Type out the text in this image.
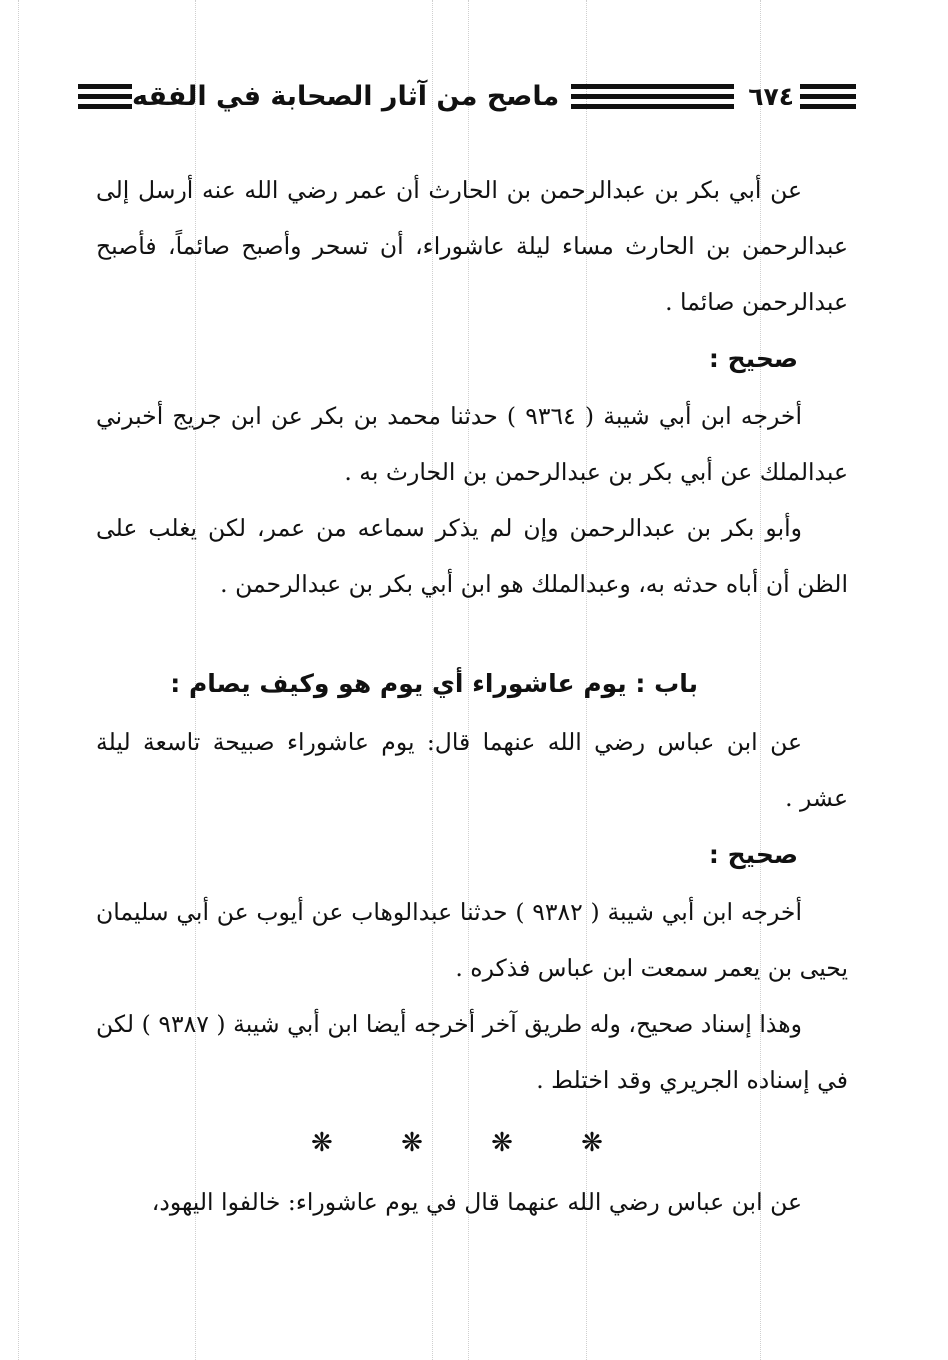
ماصح من آثار الصحابة في الفقه	٦٧٤

عن أبي بكر بن عبدالرحمن بن الحارث أن عمر رضي الله عنه أرسل إلى عبدالرحمن بن الحارث مساء ليلة عاشوراء، أن تسحر وأصبح صائماً، فأصبح عبدالرحمن صائما .

صحيح :

أخرجه ابن أبي شيبة ( ٩٣٦٤ ) حدثنا محمد بن بكر عن ابن جريج أخبرني عبدالملك عن أبي بكر بن عبدالرحمن بن الحارث به .

وأبو بكر بن عبدالرحمن وإن لم يذكر سماعه من عمر، لكن يغلب على الظن أن أباه حدثه به، وعبدالملك هو ابن أبي بكر بن عبدالرحمن .

باب : يوم عاشوراء أي يوم هو وكيف يصام :

عن ابن عباس رضي الله عنهما قال: يوم عاشوراء صبيحة تاسعة ليلة عشر .

صحيح :

أخرجه ابن أبي شيبة ( ٩٣٨٢ ) حدثنا عبدالوهاب عن أيوب عن أبي سليمان يحيى بن يعمر سمعت ابن عباس فذكره .

وهذا إسناد صحيح، وله طريق آخر أخرجه أيضا ابن أبي شيبة ( ٩٣٨٧ ) لكن في إسناده الجريري وقد اختلط .

❋ ❋ ❋ ❋

عن ابن عباس رضي الله عنهما قال في يوم عاشوراء: خالفوا اليهود،
